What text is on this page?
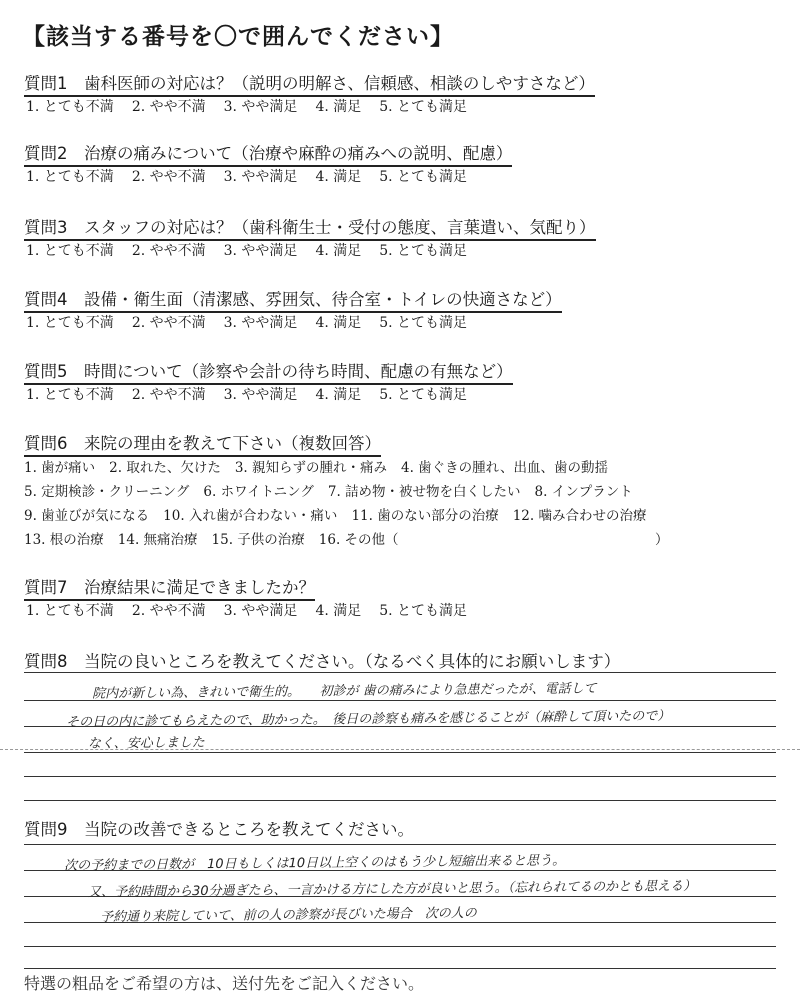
【該当する番号を〇で囲んでください】
質問1　歯科医師の対応は？（説明の明解さ、信頼感、相談のしやすさなど）
1. とても不満 2. やや不満 3. やや満足 4. 満足 5. とても満足
質問2　治療の痛みについて（治療や麻酔の痛みへの説明、配慮）
1. とても不満 2. やや不満 3. やや満足 4. 満足 5. とても満足
質問3　スタッフの対応は？（歯科衛生士・受付の態度、言葉遣い、気配り）
1. とても不満 2. やや不満 3. やや満足 4. 満足 5. とても満足
質問4　設備・衛生面（清潔感、雰囲気、待合室・トイレの快適さなど）
1. とても不満 2. やや不満 3. やや満足 4. 満足 5. とても満足
質問5　時間について（診察や会計の待ち時間、配慮の有無など）
1. とても不満 2. やや不満 3. やや満足 4. 満足 5. とても満足
質問6　来院の理由を教えて下さい（複数回答）
1. 歯が痛い 2. 取れた、欠けた 3. 親知らずの腫れ・痛み 4. 歯ぐきの腫れ、出血、歯の動揺
5. 定期検診・クリーニング 6. ホワイトニング 7. 詰め物・被せ物を白くしたい 8. インプラント
9. 歯並びが気になる 10. 入れ歯が合わない・痛い 11. 歯のない部分の治療 12. 噛み合わせの治療
13. 根の治療 14. 無痛治療 15. 子供の治療 16. その他（　　　　　　　　　　　　　　　　　　　）
質問7　治療結果に満足できましたか？
1. とても不満 2. やや不満 3. やや満足 4. 満足 5. とても満足
質問8　当院の良いところを教えてください。（なるべく具体的にお願いします）
院内が新しい為、きれいで衛生的。　　初診が 歯の痛みにより急患だったが、電話して
その日の内に診てもらえたので、助かった。　後日の診察も痛みを感じることが（麻酔して頂いたので）
なく、安心しました
質問9　当院の改善できるところを教えてください。
次の予約までの日数が　10日もしくは10日以上空くのはもう少し短縮出来ると思う。
又、予約時間から30分過ぎたら、一言かける方にした方が良いと思う。（忘れられてるのかとも思える）
予約通り来院していて、前の人の診察が長びいた場合　次の人の
特選の粗品をご希望の方は、送付先をご記入ください。
